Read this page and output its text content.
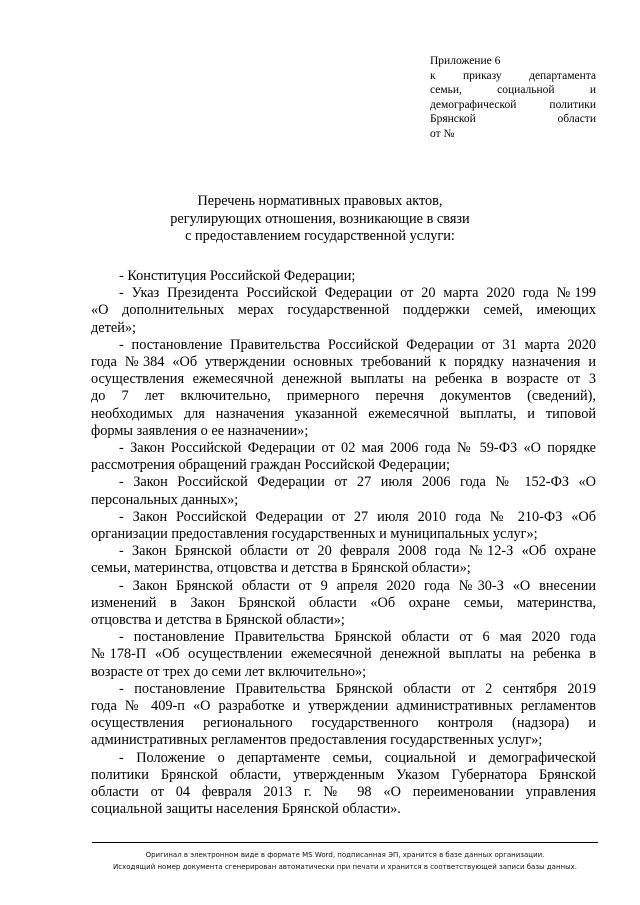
Приложение 6
к приказу департамента
семьи, социальной и
демографической политики
Брянской области
от №
Перечень нормативных правовых актов,
регулирующих отношения, возникающие в связи
с предоставлением государственной услуги:
- Конституция Российской Федерации;
- Указ Президента Российской Федерации от 20 марта 2020 года №199
«О дополнительных мерах государственной поддержки семей, имеющих
детей»;
- постановление Правительства Российской Федерации от 31 марта 2020
года №384 «Об утверждении основных требований к порядку назначения и
осуществления ежемесячной денежной выплаты на ребенка в возрасте от 3
до 7 лет включительно, примерного перечня документов (сведений),
необходимых для назначения указанной ежемесячной выплаты, и типовой
формы заявления о ее назначении»;
- Закон Российской Федерации от 02 мая 2006 года № 59-ФЗ «О порядке
рассмотрения обращений граждан Российской Федерации;
- Закон Российской Федерации от 27 июля 2006 года № 152-ФЗ «О
персональных данных»;
- Закон Российской Федерации от 27 июля 2010 года № 210-ФЗ «Об
организации предоставления государственных и муниципальных услуг»;
- Закон Брянской области от 20 февраля 2008 года №12-З «Об охране
семьи, материнства, отцовства и детства в Брянской области»;
- Закон Брянской области от 9 апреля 2020 года №30-З «О внесении
изменений в Закон Брянской области «Об охране семьи, материнства,
отцовства и детства в Брянской области»;
- постановление Правительства Брянской области от 6 мая 2020 года
№178-П «Об осуществлении ежемесячной денежной выплаты на ребенка в
возрасте от трех до семи лет включительно»;
- постановление Правительства Брянской области от 2 сентября 2019
года № 409-п «О разработке и утверждении административных регламентов
осуществления регионального государственного контроля (надзора) и
административных регламентов предоставления государственных услуг»;
- Положение о департаменте семьи, социальной и демографической
политики Брянской области, утвержденным Указом Губернатора Брянской
области от 04 февраля 2013 г. № 98 «О переименовании управления
социальной защиты населения Брянской области».
Оригинал в электронном виде в формате MS Word, подписанная ЭП, хранится в базе данных организации.
Исходящий номер документа сгенерирован автоматически при печати и хранится в соответствующей записи базы данных.
